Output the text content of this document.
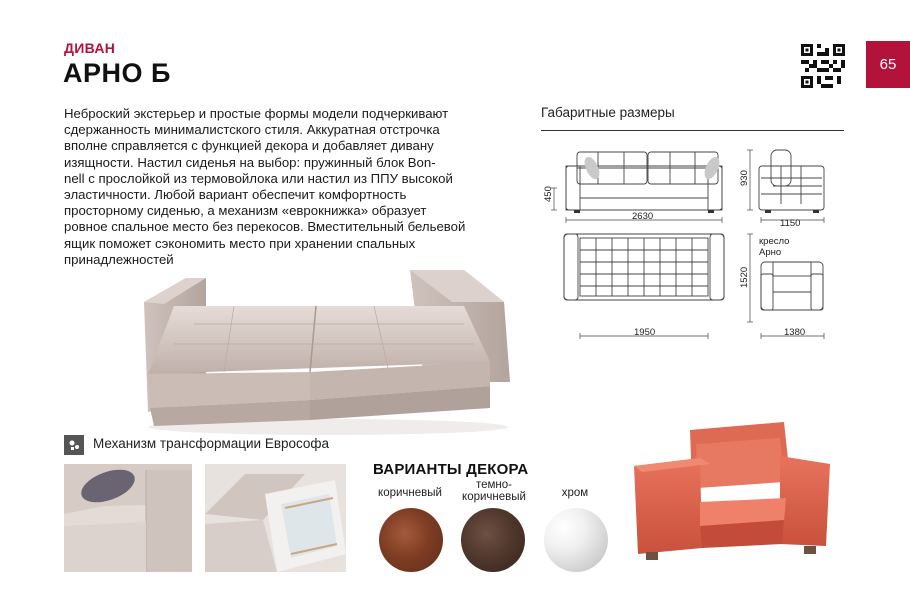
ДИВАН
АРНО Б	65
Неброский экстерьер и простые формы модели подчеркивают
сдержанность минималистского стиля. Аккуратная отстрочка
вполне справляется с функцией декора и добавляет дивану
изящности. Настил сиденья на выбор: пружинный блок Bon-
nell с прослойкой из термовойлока или настил из ППУ высокой
эластичности. Любой вариант обеспечит комфортность
просторному сиденью, а механизм «еврокнижка» образует
ровное спальное место без перекосов. Вместительный бельевой
ящик поможет сэкономить место при хранении спальных
принадлежностей
Габаритные размеры
450
930
2630
1150
1520
1950	1380
кресло Арно
Механизм трансформации Еврософа
ВАРИАНТЫ ДЕКОРА
коричневый
темно-
коричневый	хром
